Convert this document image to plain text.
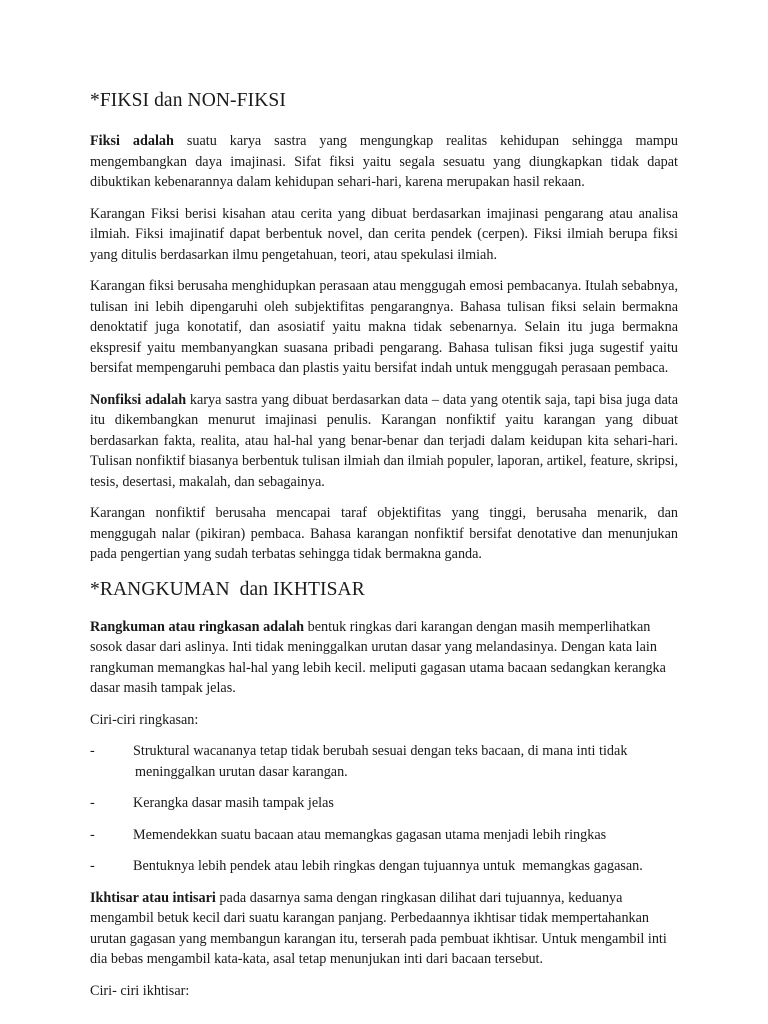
*FIKSI dan NON-FIKSI

Fiksi adalah suatu karya sastra yang mengungkap realitas kehidupan sehingga mampu mengembangkan daya imajinasi. Sifat fiksi yaitu segala sesuatu yang diungkapkan tidak dapat dibuktikan kebenarannya dalam kehidupan sehari-hari, karena merupakan hasil rekaan.

Karangan Fiksi berisi kisahan atau cerita yang dibuat berdasarkan imajinasi pengarang atau analisa ilmiah. Fiksi imajinatif dapat berbentuk novel, dan cerita pendek (cerpen). Fiksi ilmiah berupa fiksi yang ditulis berdasarkan ilmu pengetahuan, teori, atau spekulasi ilmiah.

Karangan fiksi berusaha menghidupkan perasaan atau menggugah emosi pembacanya. Itulah sebabnya, tulisan ini lebih dipengaruhi oleh subjektifitas pengarangnya. Bahasa tulisan fiksi selain bermakna denoktatif juga konotatif, dan asosiatif yaitu makna tidak sebenarnya. Selain itu juga bermakna ekspresif yaitu membanyangkan suasana pribadi pengarang. Bahasa tulisan fiksi juga sugestif yaitu bersifat mempengaruhi pembaca dan plastis yaitu bersifat indah untuk menggugah perasaan pembaca.

Nonfiksi adalah karya sastra yang dibuat berdasarkan data – data yang otentik saja, tapi bisa juga data itu dikembangkan menurut imajinasi penulis. Karangan nonfiktif yaitu karangan yang dibuat berdasarkan fakta, realita, atau hal-hal yang benar-benar dan terjadi dalam keidupan kita sehari-hari. Tulisan nonfiktif biasanya berbentuk tulisan ilmiah dan ilmiah populer, laporan, artikel, feature, skripsi, tesis, desertasi, makalah, dan sebagainya.

Karangan nonfiktif berusaha mencapai taraf objektifitas yang tinggi, berusaha menarik, dan menggugah nalar (pikiran) pembaca. Bahasa karangan nonfiktif bersifat denotative dan menunjukan pada pengertian yang sudah terbatas sehingga tidak bermakna ganda.

*RANGKUMAN  dan IKHTISAR

Rangkuman atau ringkasan adalah bentuk ringkas dari karangan dengan masih memperlihatkan sosok dasar dari aslinya. Inti tidak meninggalkan urutan dasar yang melandasinya. Dengan kata lain rangkuman memangkas hal-hal yang lebih kecil. meliputi gagasan utama bacaan sedangkan kerangka dasar masih tampak jelas.

Ciri-ciri ringkasan:

-	Struktural wacananya tetap tidak berubah sesuai dengan teks bacaan, di mana inti tidak
meninggalkan urutan dasar karangan.
-	Kerangka dasar masih tampak jelas
-	Memendekkan suatu bacaan atau memangkas gagasan utama menjadi lebih ringkas
-	Bentuknya lebih pendek atau lebih ringkas dengan tujuannya untuk  memangkas gagasan.

Ikhtisar atau intisari pada dasarnya sama dengan ringkasan dilihat dari tujuannya, keduanya mengambil betuk kecil dari suatu karangan panjang. Perbedaannya ikhtisar tidak mempertahankan urutan gagasan yang membangun karangan itu, terserah pada pembuat ikhtisar. Untuk mengambil inti dia bebas mengambil kata-kata, asal tetap menunjukan inti dari bacaan tersebut.

Ciri- ciri ikhtisar:
